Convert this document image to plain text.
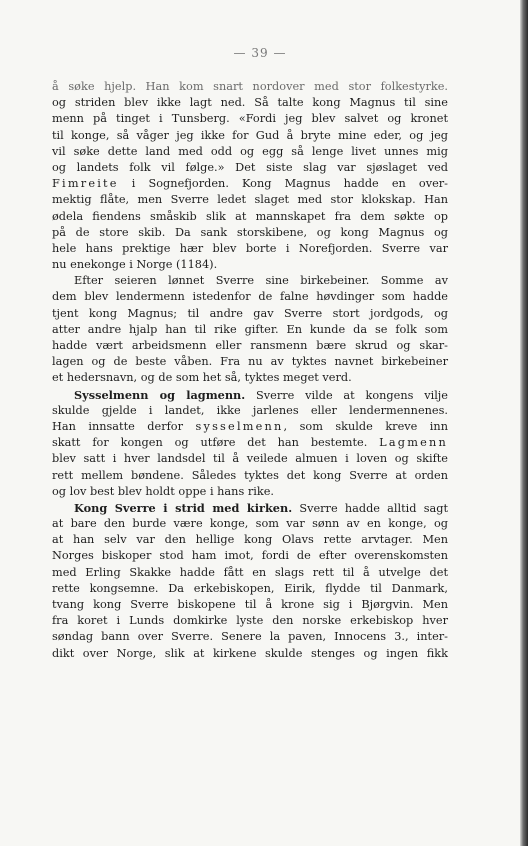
— 39 —
å søke hjelp. Han kom snart nordover med stor folkestyrke.
og striden blev ikke lagt ned. Så talte kong Magnus til sine
menn på tinget i Tunsberg. «Fordi jeg blev salvet og kronet
til konge, så våger jeg ikke for Gud å bryte mine eder, og jeg
vil søke dette land med odd og egg så lenge livet unnes mig
og landets folk vil følge.» Det siste slag var sjøslaget ved
Fimreite i Sognefjorden. Kong Magnus hadde en over-
mektig flåte, men Sverre ledet slaget med stor klokskap. Han
ødela fiendens småskib slik at mannskapet fra dem søkte op
på de store skib. Da sank storskibene, og kong Magnus og
hele hans prektige hær blev borte i Norefjorden. Sverre var
nu enekonge i Norge (1184).
Efter seieren lønnet Sverre sine birkebeiner. Somme av
dem blev lendermenn istedenfor de falne høvdinger som hadde
tjent kong Magnus; til andre gav Sverre stort jordgods, og
atter andre hjalp han til rike gifter. En kunde da se folk som
hadde vært arbeidsmenn eller ransmenn bære skrud og skar-
lagen og de beste våben. Fra nu av tyktes navnet birkebeiner
et hedersnavn, og de som het så, tyktes meget verd.
Sysselmenn og lagmenn. Sverre vilde at kongens vilje
skulde gjelde i landet, ikke jarlenes eller lendermennenes.
Han innsatte derfor sysselmenn, som skulde kreve inn
skatt for kongen og utføre det han bestemte. Lagmenn
blev satt i hver landsdel til å veilede almuen i loven og skifte
rett mellem bøndene. Således tyktes det kong Sverre at orden
og lov best blev holdt oppe i hans rike.
Kong Sverre i strid med kirken. Sverre hadde alltid sagt
at bare den burde være konge, som var sønn av en konge, og
at han selv var den hellige kong Olavs rette arvtager. Men
Norges biskoper stod ham imot, fordi de efter overenskomsten
med Erling Skakke hadde fått en slags rett til å utvelge det
rette kongsemne. Da erkebiskopen, Eirik, flydde til Danmark,
tvang kong Sverre biskopene til å krone sig i Bjørgvin. Men
fra koret i Lunds domkirke lyste den norske erkebiskop hver
søndag bann over Sverre. Senere la paven, Innocens 3., inter-
dikt over Norge, slik at kirkene skulde stenges og ingen fikk
